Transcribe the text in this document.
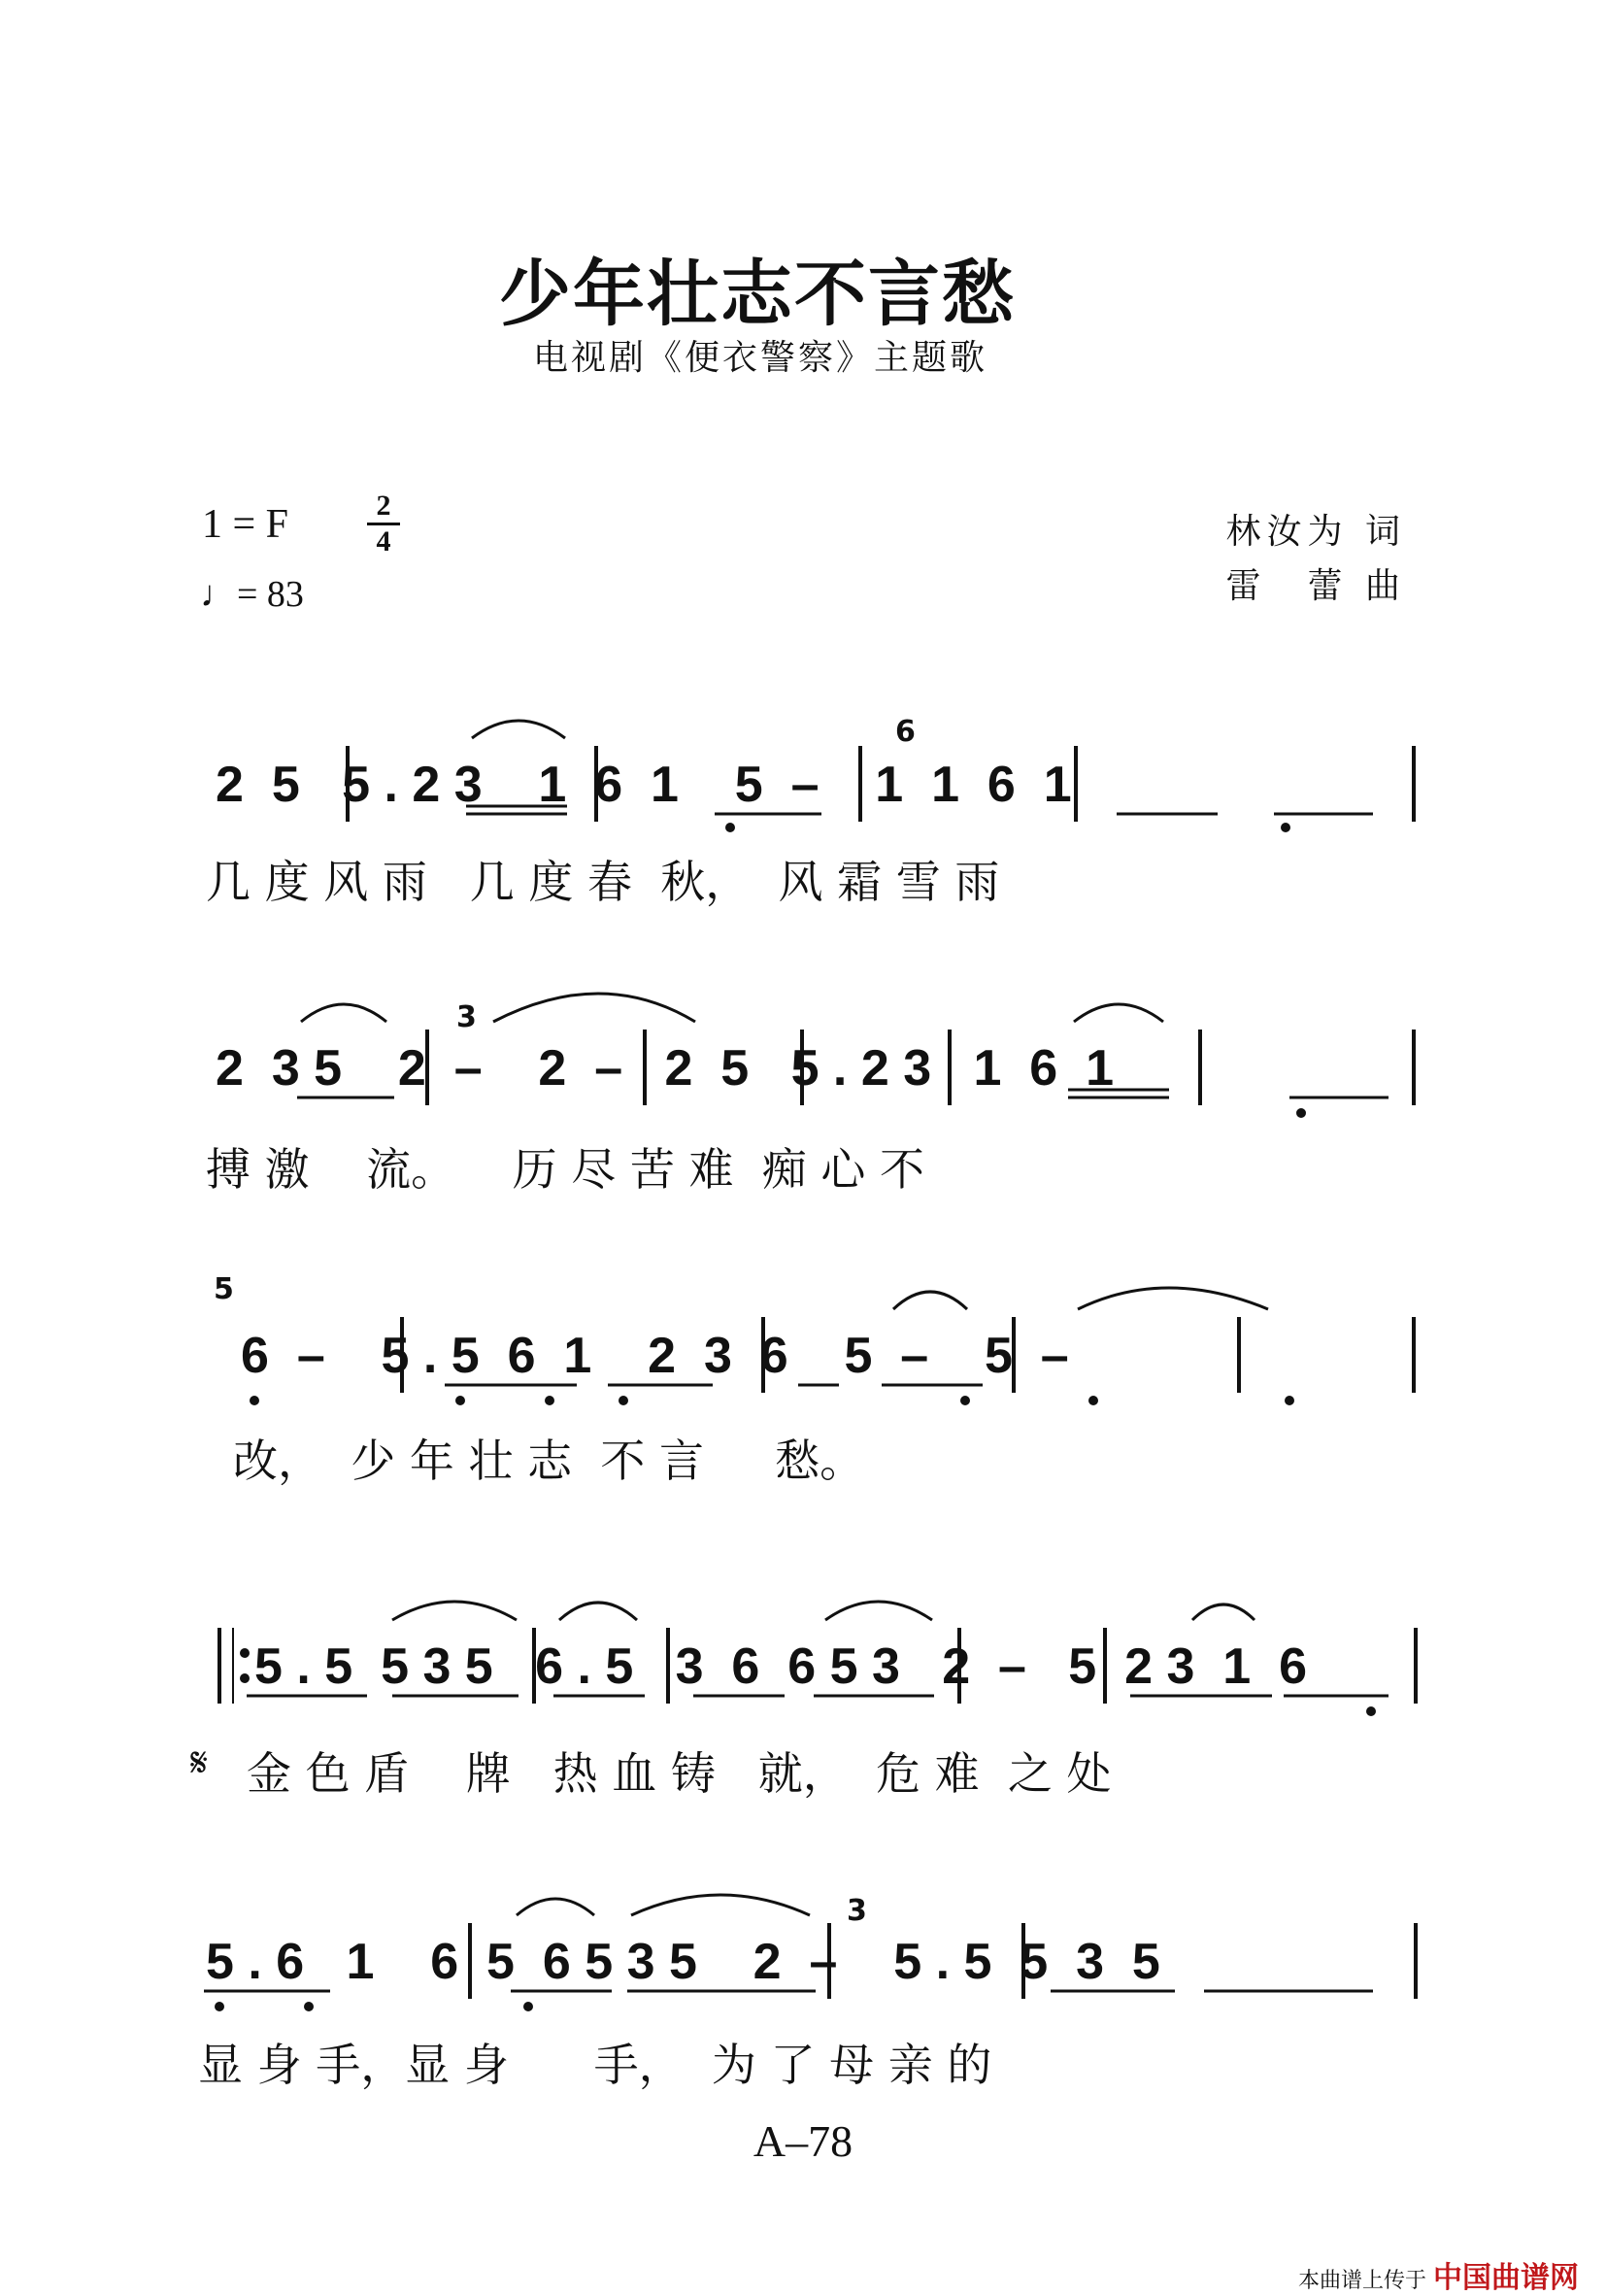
少年壮志不言愁
电视剧《便衣警察》主题歌
1 = F	2
4
♩= 83
林汝为 词
雷　蕾 曲
2  5   5 . 2 3    1  6  1    5  –    1  1  6  1
几 度 风 雨   几 度 春  秋，  风 霜 雪 雨
2  3 5    2  –    2  –   2  5   5 . 2 3   1  6  1
搏 激    流。    历 尽 苦 难  痴 心 不
6  –    5 . 5  6  1    2  3  6    5  –    5  –
改，  少 年 壮 志  不 言     愁。
5 . 5  5 3 5   6 . 5   3  6  6 5 3   2  –   5  2 3  1  6
金 色 盾    牌   热 血 铸   就，  危 难  之 处
𝄋
5 . 6   1    6  5  6 5 3 5    2  –    5 . 5  5  3  5
显 身 手，显 身      手，  为 了 母 亲 的
6
3
5
3
A–78
本曲谱上传于 中国曲谱网
